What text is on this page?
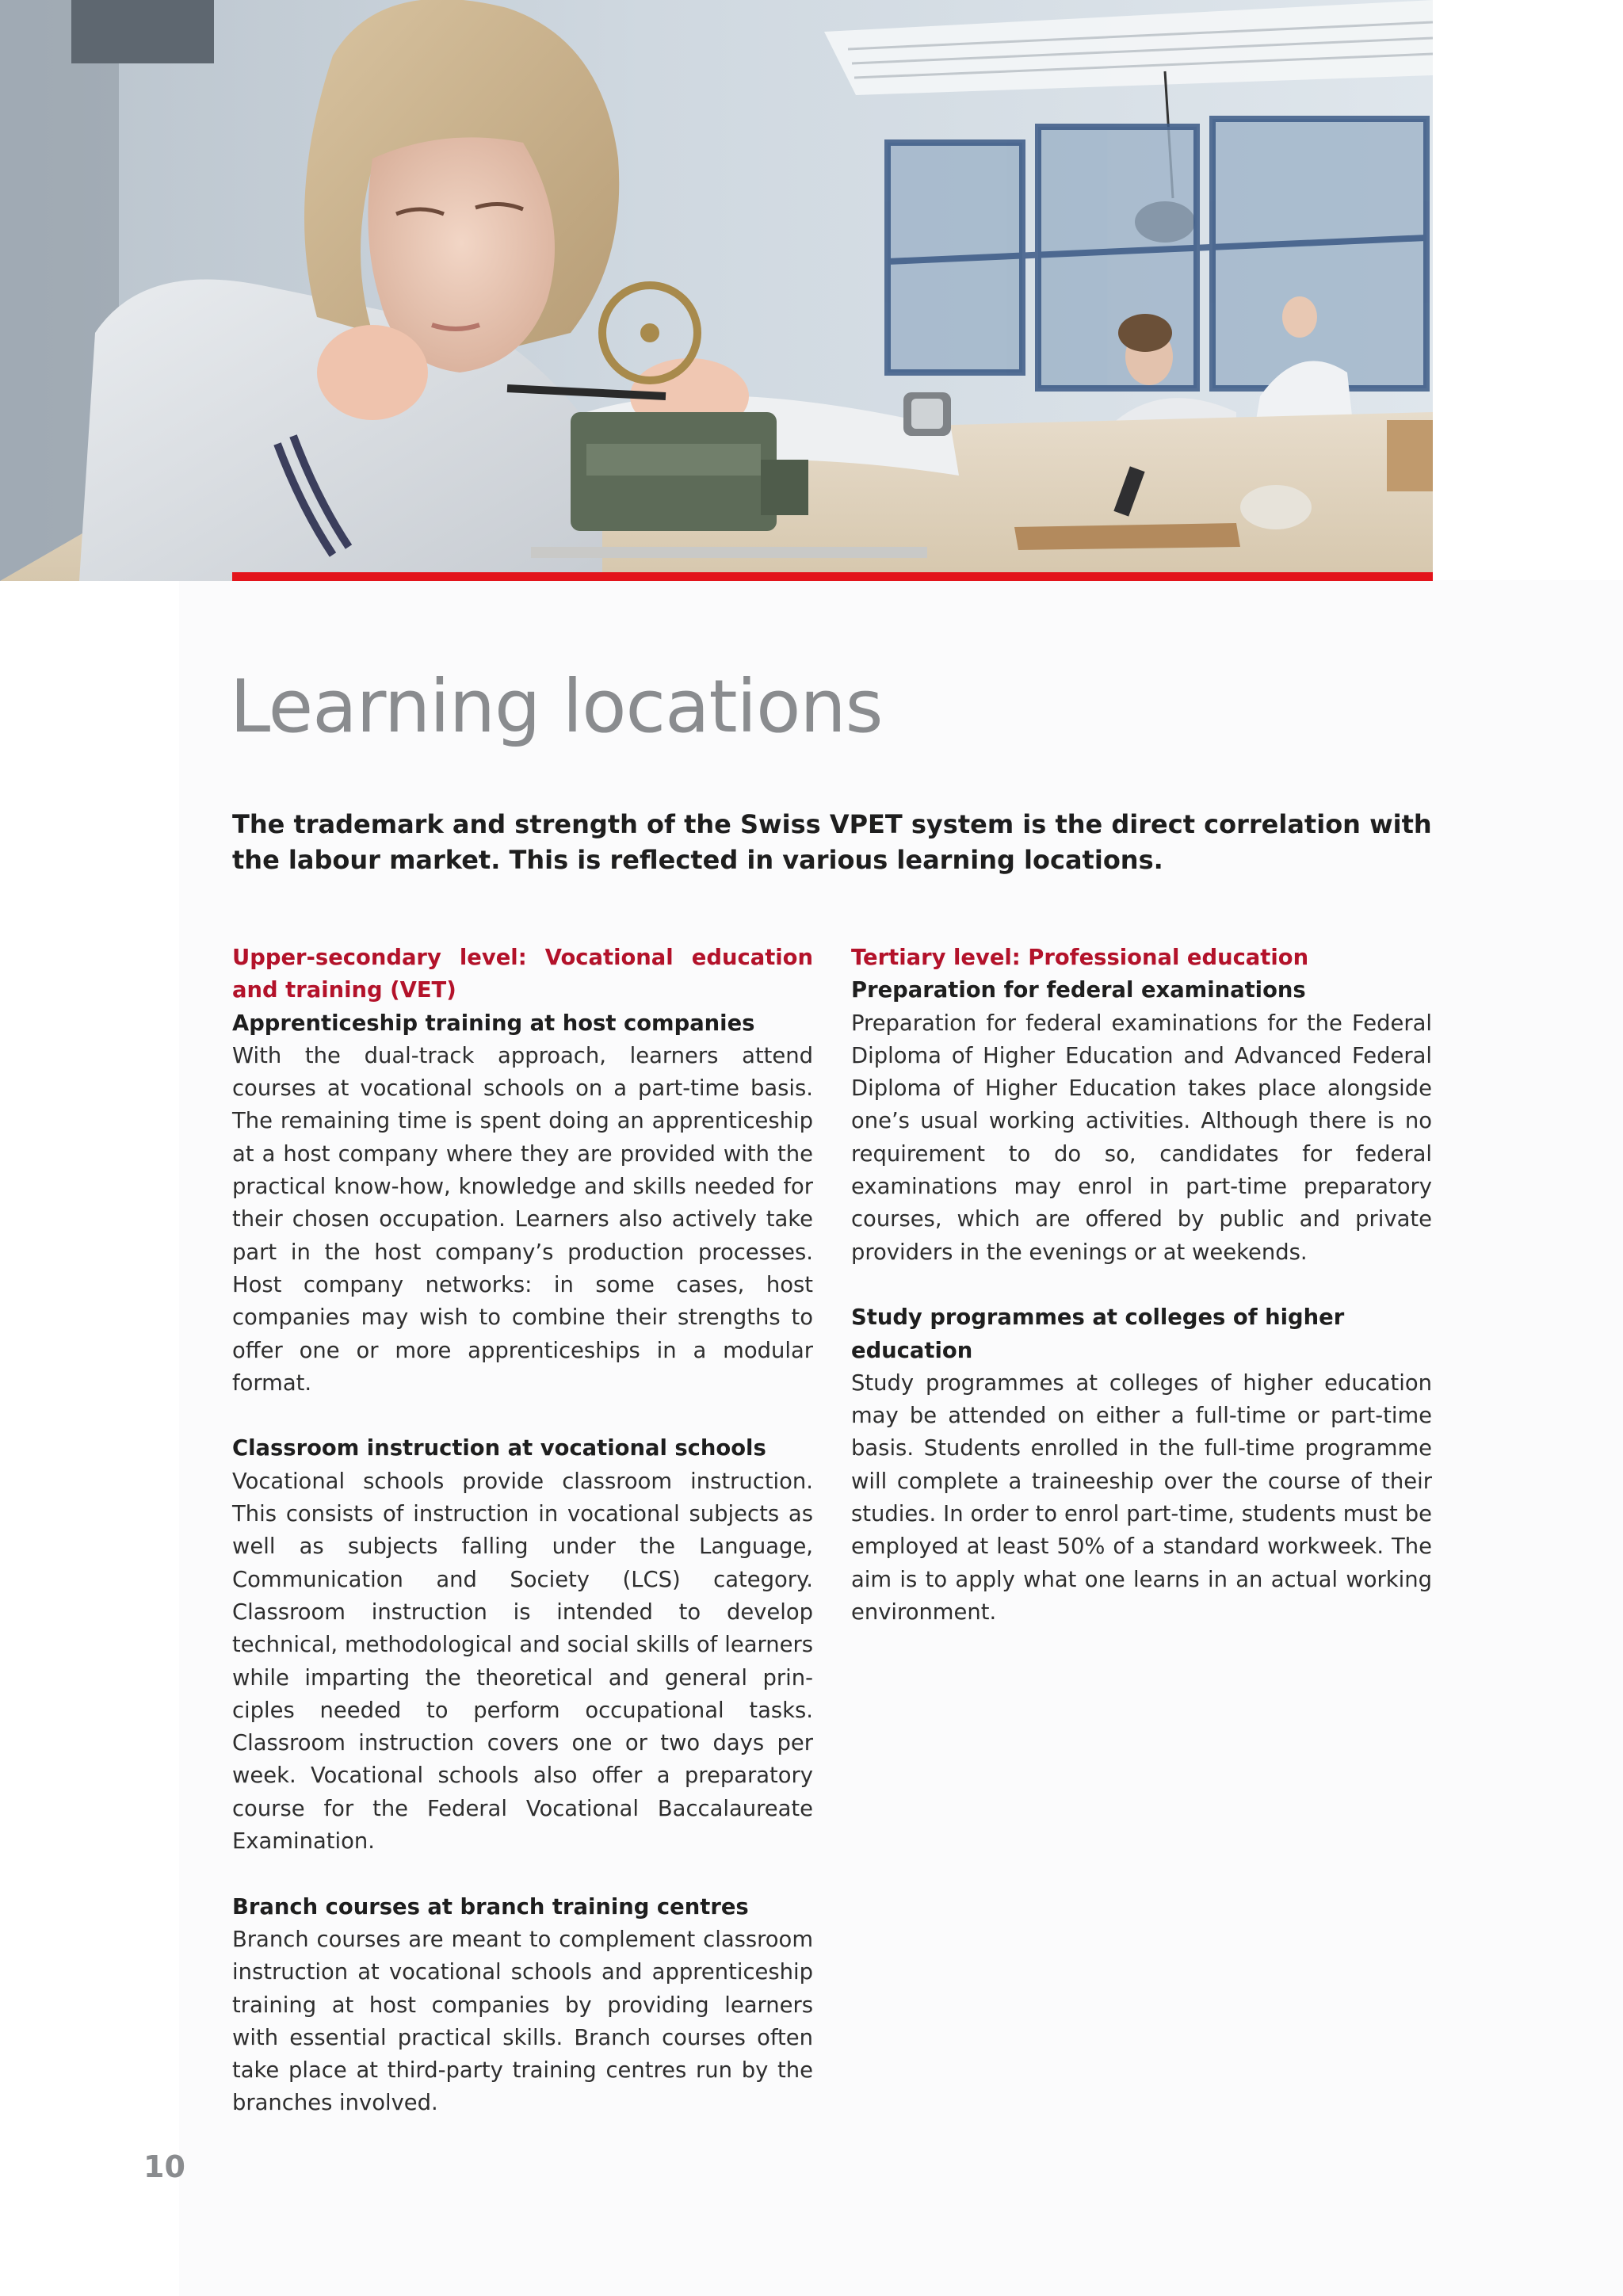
Learning locations

The trademark and strength of the Swiss VPET system is the direct correlation with the labour market. This is reflected in various learning locations.

Upper-secondary level: Vocational education and training (VET)

Apprenticeship training at host companies

With the dual-track approach, learners attend courses at vocational schools on a part-time basis. The remaining time is spent doing an apprenticeship at a host company where they are provided with the practical know-how, knowledge and skills needed for their chosen occupation. Learners also actively take part in the host company’s production processes. Host company networks: in some cases, host companies may wish to combine their strengths to offer one or more apprenticeships in a modular format.

Classroom instruction at vocational schools

Vocational schools provide classroom instruction. This consists of instruction in vocational subjects as well as subjects falling under the Language, Communication and Society (LCS) category. Classroom instruction is intended to develop technical, methodological and social skills of learners while imparting the theoretical and general principles needed to perform occupational tasks. Classroom instruction covers one or two days per week. Vocational schools also offer a preparatory course for the Federal Vocational Baccalaureate Examination.

Branch courses at branch training centres

Branch courses are meant to complement classroom instruction at vocational schools and apprenticeship training at host companies by providing learners with essential practical skills. Branch courses often take place at third-party training centres run by the branches involved.

Tertiary level: Professional education

Preparation for federal examinations

Preparation for federal examinations for the Federal Diploma of Higher Education and Advanced Federal Diploma of Higher Education takes place alongside one’s usual working activities. Although there is no requirement to do so, candidates for federal examinations may enrol in part-time preparatory courses, which are offered by public and private providers in the evenings or at weekends.

Study programmes at colleges of higher education

Study programmes at colleges of higher education may be attended on either a full-time or part-time basis. Students enrolled in the full-time programme will complete a traineeship over the course of their studies. In order to enrol part-time, students must be employed at least 50% of a standard workweek. The aim is to apply what one learns in an actual working environment.

10
